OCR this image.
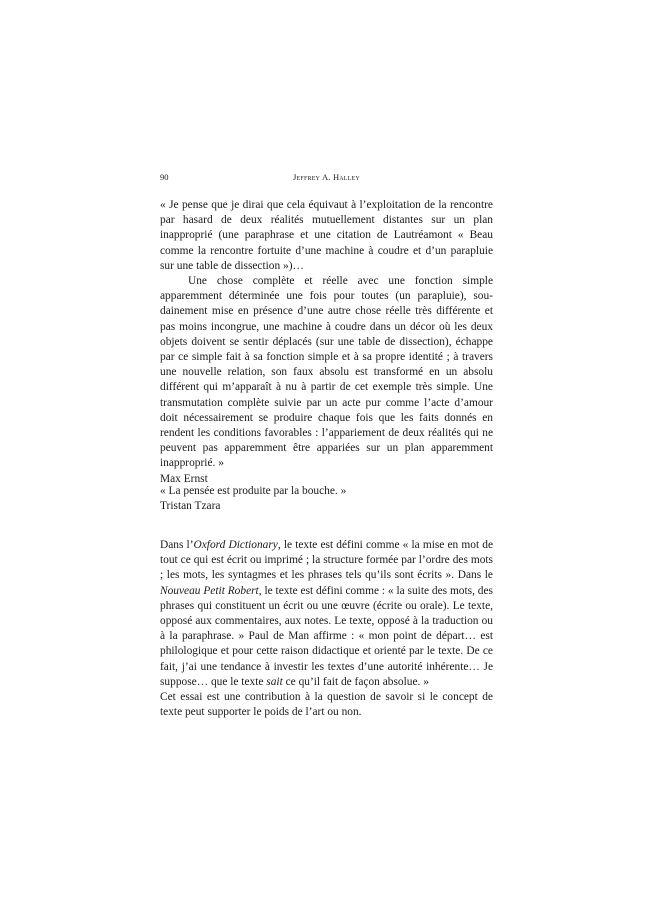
90	Jeffrey A. Halley

« Je pense que je dirai que cela équivaut à l’exploitation de la rencontre par hasard de deux réalités mutuellement distantes sur un plan inapproprié (une paraphrase et une citation de Lautréamont « Beau comme la rencontre fortuite d’une machine à coudre et d’un parapluie sur une table de dissection »)…

Une chose complète et réelle avec une fonction simple apparemment déterminée une fois pour toutes (un parapluie), soudainement mise en présence d’une autre chose réelle très différente et pas moins incongrue, une machine à coudre dans un décor où les deux objets doivent se sentir déplacés (sur une table de dissection), échappe par ce simple fait à sa fonction simple et à sa propre identité ; à travers une nouvelle relation, son faux absolu est transformé en un absolu différent qui m’apparaît à nu à partir de cet exemple très simple. Une transmutation complète suivie par un acte pur comme l’acte d’amour doit nécessairement se produire chaque fois que les faits donnés en rendent les conditions favorables : l’appariement de deux réalités qui ne peuvent pas apparemment être appariées sur un plan apparemment inapproprié. »

Max Ernst

« La pensée est produite par la bouche. »

Tristan Tzara

Dans l’Oxford Dictionary, le texte est défini comme « la mise en mot de tout ce qui est écrit ou imprimé ; la structure formée par l’ordre des mots ; les mots, les syntagmes et les phrases tels qu’ils sont écrits ». Dans le Nouveau Petit Robert, le texte est défini comme : « la suite des mots, des phrases qui constituent un écrit ou une œuvre (écrite ou orale). Le texte, opposé aux commentaires, aux notes. Le texte, opposé à la traduction ou à la paraphrase. » Paul de Man affirme : « mon point de départ… est philologique et pour cette raison didactique et orienté par le texte. De ce fait, j’ai une tendance à investir les textes d’une autorité inhérente… Je suppose… que le texte sait ce qu’il fait de façon absolue. »

Cet essai est une contribution à la question de savoir si le concept de texte peut supporter le poids de l’art ou non.
